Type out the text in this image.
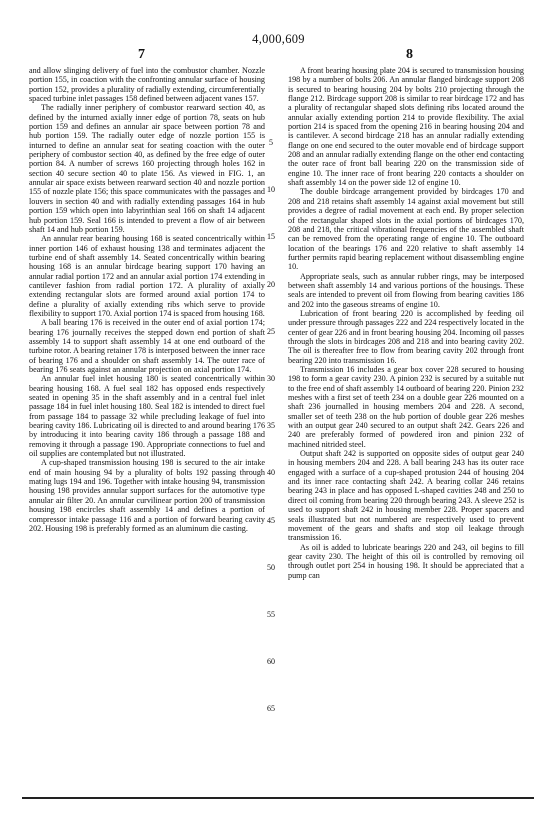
4,000,609
7	8

and allow slinging delivery of fuel into the combustor chamber. Nozzle portion 155, in coaction with the confronting annular surface of housing portion 152, provides a plurality of radially extending, circumferentially spaced turbine inlet passages 158 defined between adjacent vanes 157.

The radially inner periphery of combustor rearward section 40, as defined by the inturned axially inner edge of portion 78, seats on hub portion 159 and defines an annular air space between portion 78 and hub portion 159. The radially outer edge of nozzle portion 155 is inturned to define an annular seat for seating coaction with the outer periphery of combustor section 40, as defined by the free edge of outer portion 84. A number of screws 160 projecting through holes 162 in section 40 secure section 40 to plate 156. As viewed in FIG. 1, an annular air space exists between rearward section 40 and nozzle portion 155 of nozzle plate 156; this space communicates with the passages and louvers in section 40 and with radially extending passages 164 in hub portion 159 which open into labyrinthian seal 166 on shaft 14 adjacent hub portion 159. Seal 166 is intended to prevent a flow of air between shaft 14 and hub portion 159.

An annular rear bearing housing 168 is seated concentrically within inner portion 146 of exhaust housing 138 and terminates adjacent the turbine end of shaft assembly 14. Seated concentrically within bearing housing 168 is an annular birdcage bearing support 170 having an annular radial portion 172 and an annular axial portion 174 extending in cantilever fashion from radial portion 172. A plurality of axially extending rectangular slots are formed around axial portion 174 to define a plurality of axially extending ribs which serve to provide flexibility to support 170. Axial portion 174 is spaced from housing 168.

A ball bearing 176 is received in the outer end of axial portion 174; bearing 176 journally receives the stepped down end portion of shaft assembly 14 to support shaft assembly 14 at one end outboard of the turbine rotor. A bearing retainer 178 is interposed between the inner race of bearing 176 and a shoulder on shaft assembly 14. The outer race of bearing 176 seats against an annular projection on axial portion 174.

An annular fuel inlet housing 180 is seated concentrically within bearing housing 168. A fuel seal 182 has opposed ends respectively seated in opening 35 in the shaft assembly and in a central fuel inlet passage 184 in fuel inlet housing 180. Seal 182 is intended to direct fuel from passage 184 to passage 32 while precluding leakage of fuel into bearing cavity 186. Lubricating oil is directed to and around bearing 176 by introducing it into bearing cavity 186 through a passage 188 and removing it through a passage 190. Appropriate connections to fuel and oil supplies are contemplated but not illustrated.

A cup-shaped transmission housing 198 is secured to the air intake end of main housing 94 by a plurality of bolts 192 passing through mating lugs 194 and 196. Together with intake housing 94, transmission housing 198 provides annular support surfaces for the automotive type annular air filter 20. An annular curvilinear portion 200 of transmission housing 198 encircles shaft assembly 14 and defines a portion of compressor intake passage 116 and a portion of forward bearing cavity 202. Housing 198 is preferably formed as an aluminum die casting.

A front bearing housing plate 204 is secured to transmission housing 198 by a number of bolts 206. An annular flanged birdcage support 208 is secured to bearing housing 204 by bolts 210 projecting through the flange 212. Birdcage support 208 is similar to rear birdcage 172 and has a plurality of rectangular shaped slots defining ribs located around the annular axially extending portion 214 to provide flexibility. The axial portion 214 is spaced from the opening 216 in bearing housing 204 and is cantilever. A second birdcage 218 has an annular radially extending flange on one end secured to the outer movable end of birdcage support 208 and an annular radially extending flange on the other end contacting the outer race of front ball bearing 220 on the transmission side of engine 10. The inner race of front bearing 220 contacts a shoulder on shaft assembly 14 on the power side 12 of engine 10.

The double birdcage arrangement provided by birdcages 170 and 208 and 218 retains shaft assembly 14 against axial movement but still provides a degree of radial movement at each end. By proper selection of the rectangular shaped slots in the axial portions of birdcages 170, 208 and 218, the critical vibrational frequencies of the assembled shaft can be removed from the operating range of engine 10. The outboard location of the bearings 176 and 220 relative to shaft assembly 14 further permits rapid bearing replacement without disassembling engine 10.

Appropriate seals, such as annular rubber rings, may be interposed between shaft assembly 14 and various portions of the housings. These seals are intended to prevent oil from flowing from bearing cavities 186 and 202 into the gaseous streams of engine 10.

Lubrication of front bearing 220 is accomplished by feeding oil under pressure through passages 222 and 224 respectively located in the center of gear 226 and in front bearing housing 204. Incoming oil passes through the slots in birdcages 208 and 218 and into bearing cavity 202. The oil is thereafter free to flow from bearing cavity 202 through front bearing 220 into transmission 16.

Transmission 16 includes a gear box cover 228 secured to housing 198 to form a gear cavity 230. A pinion 232 is secured by a suitable nut to the free end of shaft assembly 14 outboard of bearing 220. Pinion 232 meshes with a first set of teeth 234 on a double gear 226 mounted on a shaft 236 journalled in housing members 204 and 228. A second, smaller set of teeth 238 on the hub portion of double gear 226 meshes with an output gear 240 secured to an output shaft 242. Gears 226 and 240 are preferably formed of powdered iron and pinion 232 of machined nitrided steel.

Output shaft 242 is supported on opposite sides of output gear 240 in housing members 204 and 228. A ball bearing 243 has its outer race engaged with a surface of a cup-shaped protusion 244 of housing 204 and its inner race contacting shaft 242. A bearing collar 246 retains bearing 243 in place and has opposed L-shaped cavities 248 and 250 to direct oil coming from bearing 220 through bearing 243. A sleeve 252 is used to support shaft 242 in housing member 228. Proper spacers and seals illustrated but not numbered are respectively used to prevent movement of the gears and shafts and stop oil leakage through transmission 16.

As oil is added to lubricate bearings 220 and 243, oil begins to fill gear cavity 230. The height of this oil is controlled by removing oil through outlet port 254 in housing 198. It should be appreciated that a pump can

5
10
15
20
25
30
35
40
45
50
55
60
65
